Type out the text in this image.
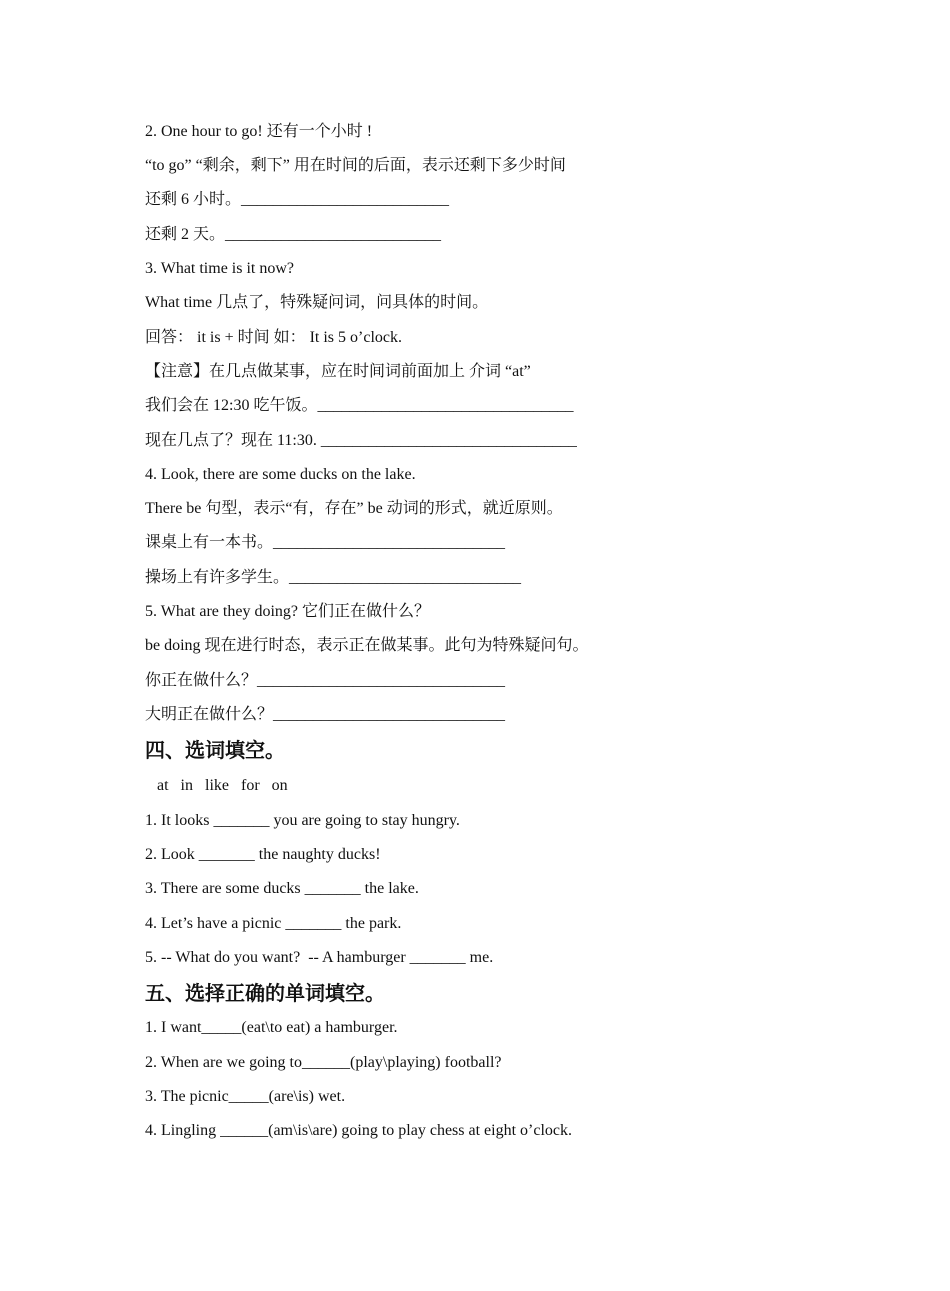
2. One hour to go! 还有一个小时 !
“to go” “剩余，剩下” 用在时间的后面，表示还剩下多少时间
还剩 6 小时。__________________________
还剩 2 天。___________________________
3. What time is it now?
What time 几点了，特殊疑问词，问具体的时间。
回答： it is + 时间 如： It is 5 o’clock.
【注意】在几点做某事，应在时间词前面加上 介词 “at”
我们会在 12:30 吃午饭。________________________________
现在几点了？现在 11:30. ________________________________
4. Look, there are some ducks on the lake.
There be 句型，表示“有，存在” be 动词的形式，就近原则。
课桌上有一本书。_____________________________
操场上有许多学生。_____________________________
5. What are they doing? 它们正在做什么？
be doing 现在进行时态，表示正在做某事。此句为特殊疑问句。
你正在做什么？_______________________________
大明正在做什么？_____________________________
四、选词填空。
at   in   like   for   on
1. It looks _______ you are going to stay hungry.
2. Look _______ the naughty ducks!
3. There are some ducks _______ the lake.
4. Let’s have a picnic _______ the park.
5. -- What do you want?  -- A hamburger _______ me.
五、选择正确的单词填空。
1. I want_____(eat\to eat) a hamburger.
2. When are we going to______(play\playing) football?
3. The picnic_____(are\is) wet.
4. Lingling ______(am\is\are) going to play chess at eight o’clock.
